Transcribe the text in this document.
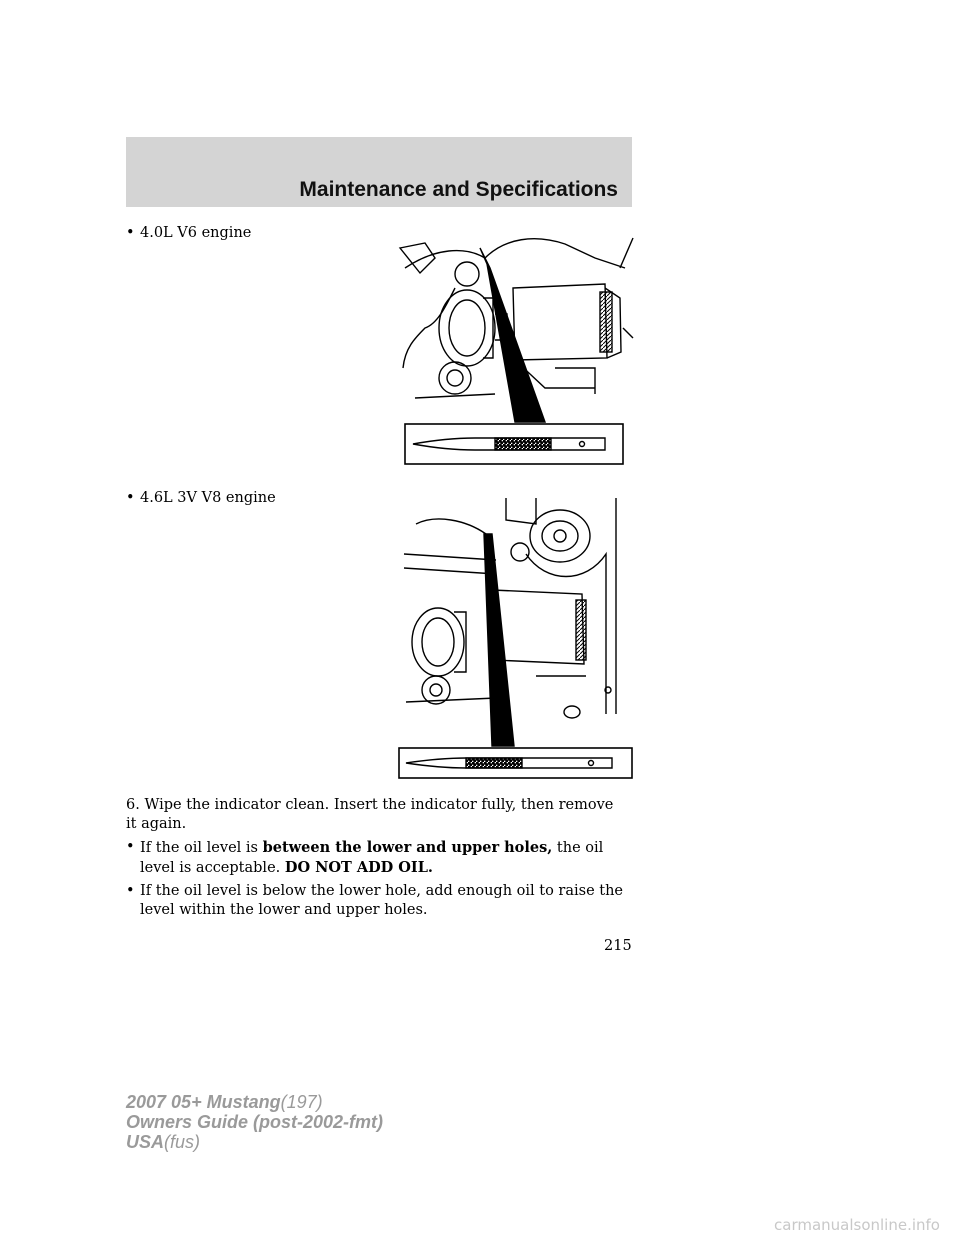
Maintenance and Specifications
• 4.0L V6 engine
• 4.6L 3V V8 engine
6. Wipe the indicator clean. Insert the indicator fully, then remove it again.
• If the oil level is between the lower and upper holes, the oil level is acceptable. DO NOT ADD OIL.
• If the oil level is below the lower hole, add enough oil to raise the level within the lower and upper holes.
215
2007 05+ Mustang(197)
Owners Guide (post-2002-fmt)
USA(fus)
carmanualsonline.info
